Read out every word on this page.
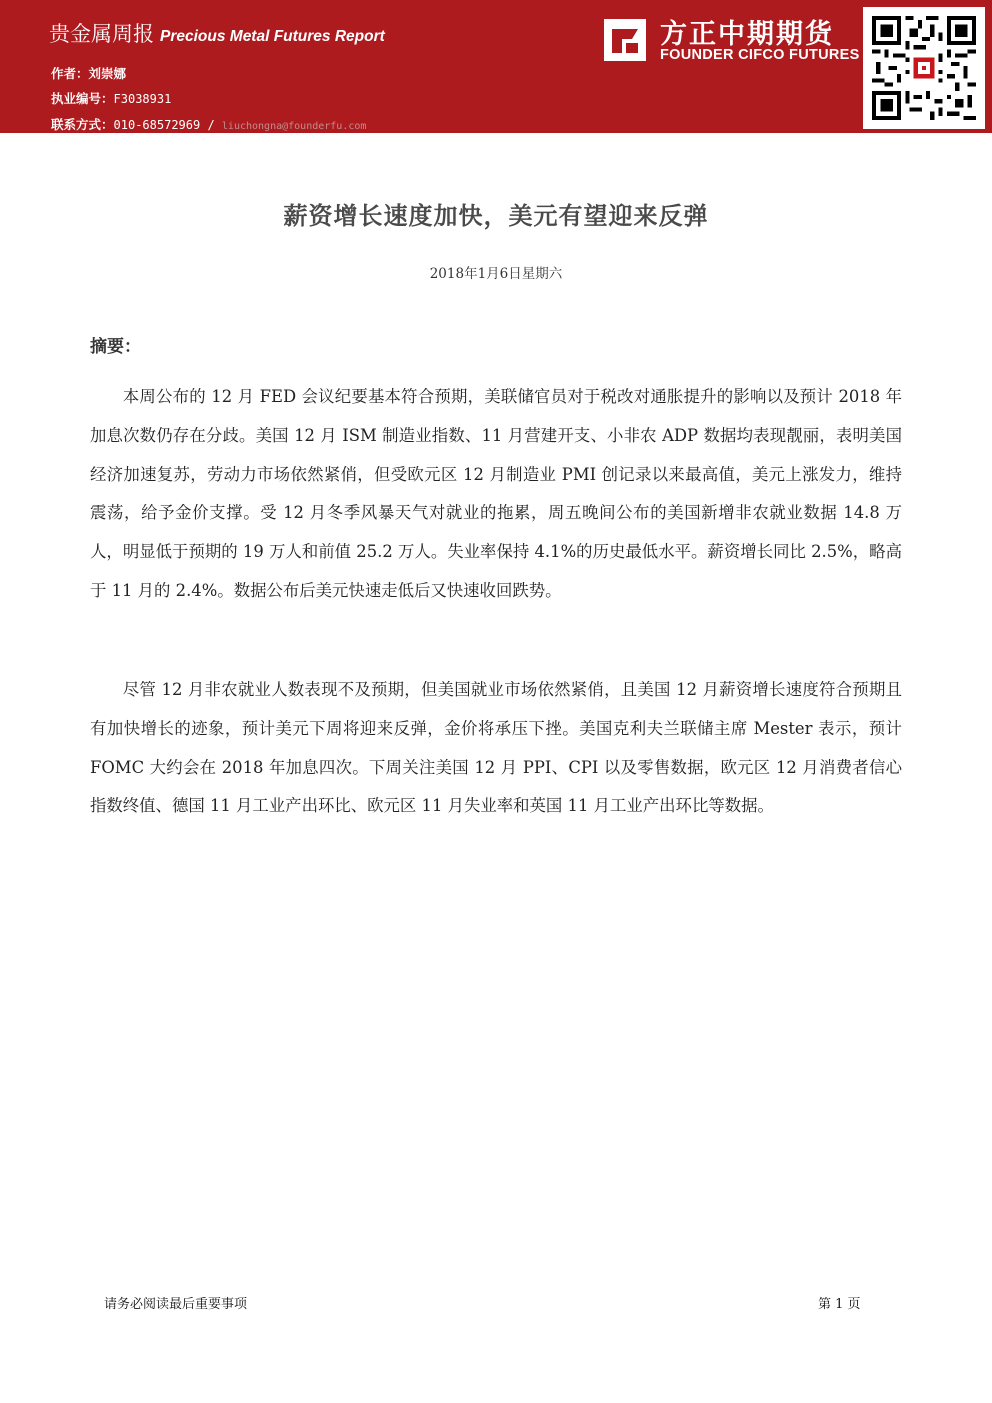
贵金属周报 Precious Metal Futures Report
作者：刘崇娜
执业编号：F3038931
联系方式：010-68572969 / liuchongna@founderfu.com
方正中期期货
FOUNDER CIFCO FUTURES
薪资增长速度加快，美元有望迎来反弹
2018年1月6日星期六
摘要：
本周公布的 12 月 FED 会议纪要基本符合预期，美联储官员对于税改对通胀提升的影响以及预计 2018 年加息次数仍存在分歧。美国 12 月 ISM 制造业指数、11 月营建开支、小非农 ADP 数据均表现靓丽，表明美国经济加速复苏，劳动力市场依然紧俏，但受欧元区 12 月制造业 PMI 创记录以来最高值，美元上涨发力，维持震荡，给予金价支撑。受 12 月冬季风暴天气对就业的拖累，周五晚间公布的美国新增非农就业数据 14.8 万人，明显低于预期的 19 万人和前值 25.2 万人。失业率保持 4.1%的历史最低水平。薪资增长同比 2.5%，略高于 11 月的 2.4%。数据公布后美元快速走低后又快速收回跌势。
尽管 12 月非农就业人数表现不及预期，但美国就业市场依然紧俏，且美国 12 月薪资增长速度符合预期且有加快增长的迹象，预计美元下周将迎来反弹，金价将承压下挫。美国克利夫兰联储主席 Mester 表示，预计 FOMC 大约会在 2018 年加息四次。下周关注美国 12 月 PPI、CPI 以及零售数据，欧元区 12 月消费者信心指数终值、德国 11 月工业产出环比、欧元区 11 月失业率和英国 11 月工业产出环比等数据。
请务必阅读最后重要事项	第 1 页
